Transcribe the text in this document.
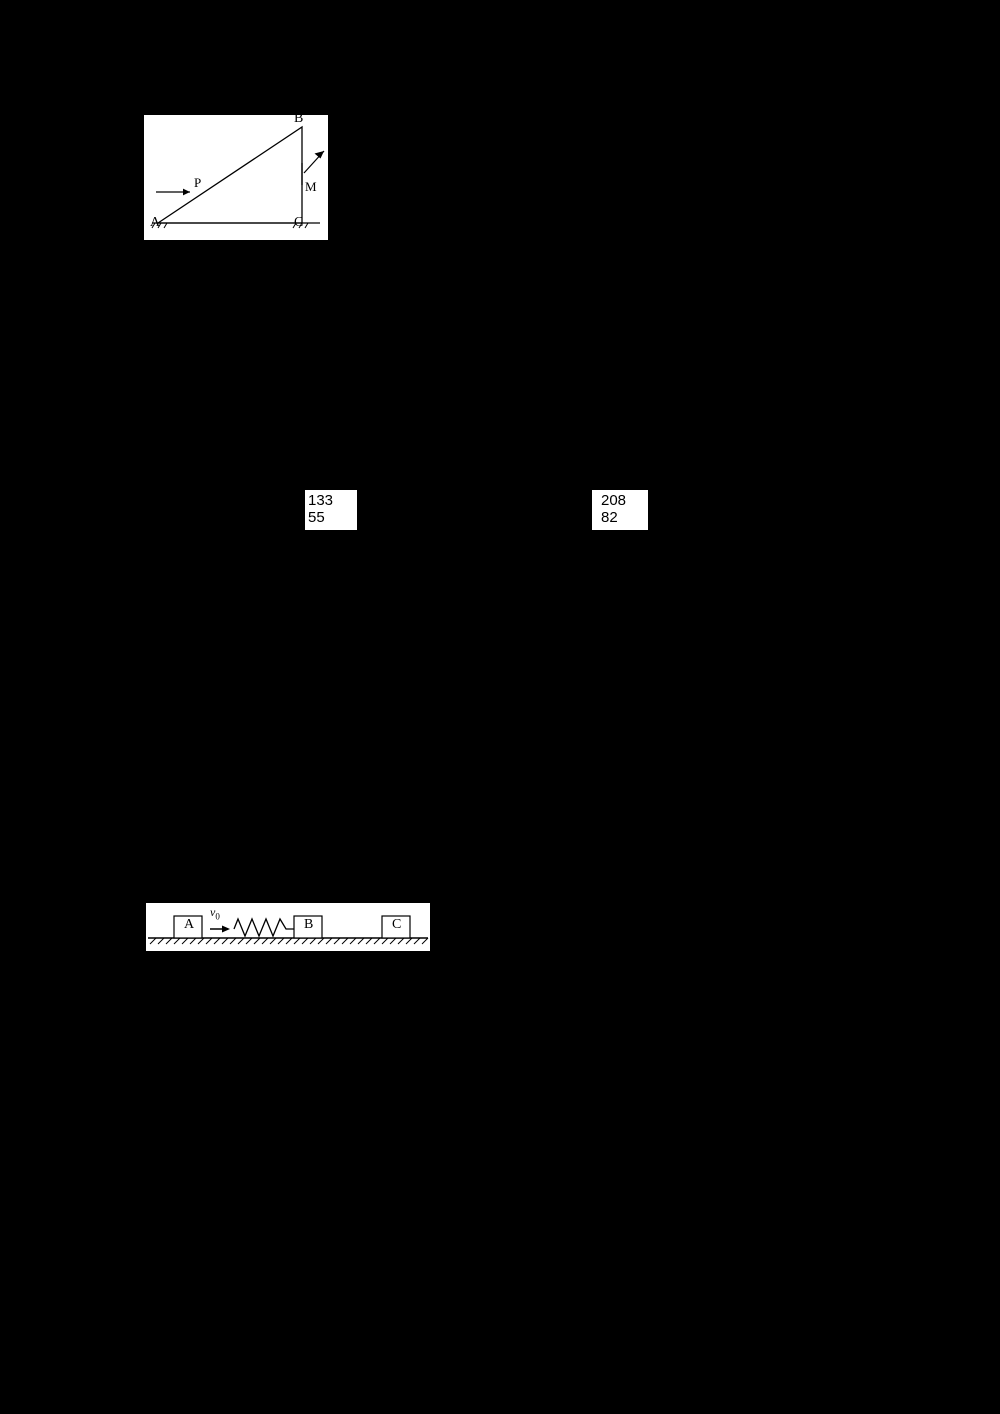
B
A	C
P	M
133
55
208
82
A	B	C
$v_0$
